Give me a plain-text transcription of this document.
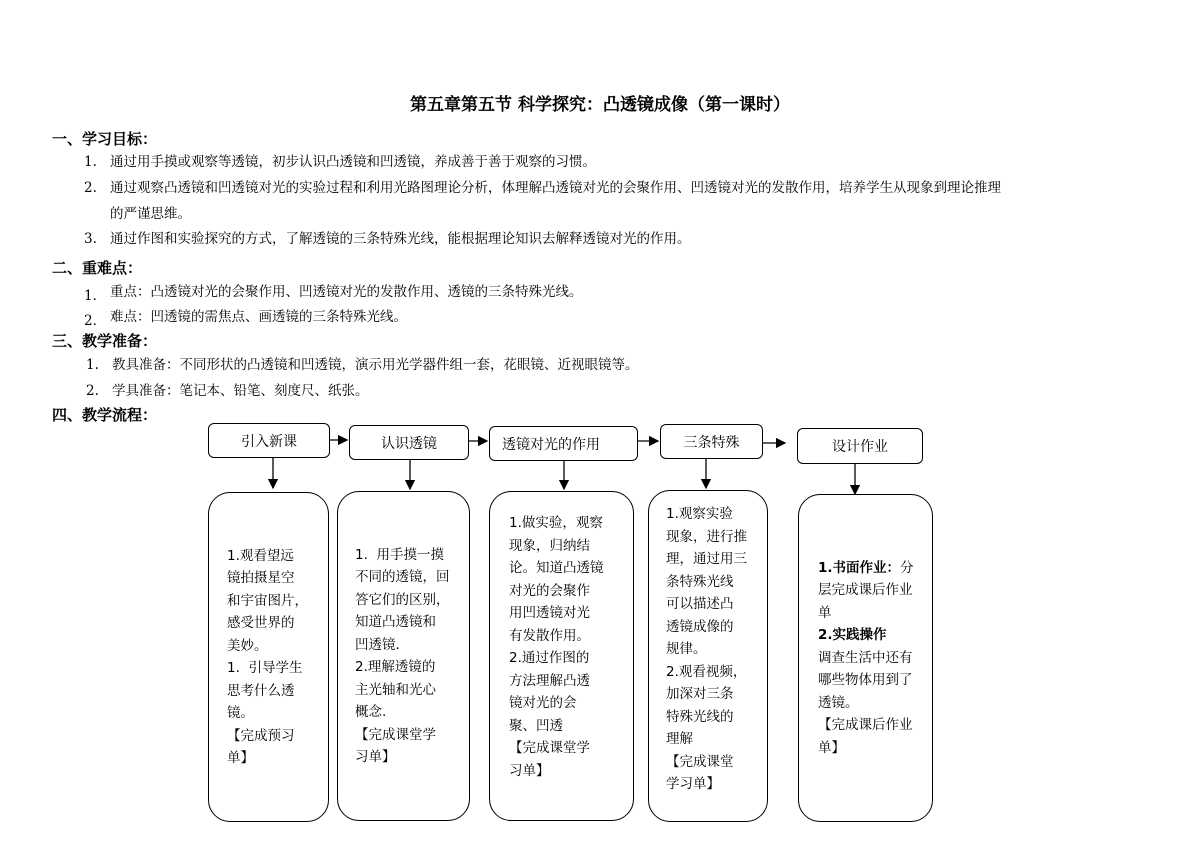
第五章第五节 科学探究：凸透镜成像（第一课时）
一、学习目标：
1. 通过用手摸或观察等透镜，初步认识凸透镜和凹透镜，养成善于善于观察的习惯。
2. 通过观察凸透镜和凹透镜对光的实验过程和利用光路图理论分析，体理解凸透镜对光的会聚作用、凹透镜对光的发散作用，培养学生从现象到理论推理
的严谨思维。
3. 通过作图和实验探究的方式，了解透镜的三条特殊光线，能根据理论知识去解释透镜对光的作用。
二、重难点：
1． 重点：凸透镜对光的会聚作用、凹透镜对光的发散作用、透镜的三条特殊光线。
2． 难点：凹透镜的需焦点、画透镜的三条特殊光线。
三、教学准备：
1. 教具准备：不同形状的凸透镜和凹透镜，演示用光学器件组一套，花眼镜、近视眼镜等。
2. 学具准备：笔记本、铅笔、刻度尺、纸张。
四、教学流程：
引入新课	认识透镜	透镜对光的作用	三条特殊	设计作业
1.观看望远
镜拍摄星空
和宇宙图片，
感受世界的
美妙。
1.  引导学生
思考什么透
镜。
【完成预习
单】
1.  用手摸一摸
不同的透镜，回
答它们的区别，
知道凸透镜和
凹透镜.
2.理解透镜的
主光轴和光心
概念.
【完成课堂学
习单】
1.做实验，观察
现象，归纳结
论。知道凸透镜
对光的会聚作
用凹透镜对光
有发散作用。
2.通过作图的
方法理解凸透
镜对光的会
聚、凹透
【完成课堂学
习单】
1.观察实验
现象，进行推
理，通过用三
条特殊光线
可以描述凸
透镜成像的
规律。
2.观看视频，
加深对三条
特殊光线的
理解
【完成课堂
学习单】
1.书面作业：分层完成课后作业单
2.实践操作
调查生活中还有哪些物体用到了透镜。
【完成课后作业单】
